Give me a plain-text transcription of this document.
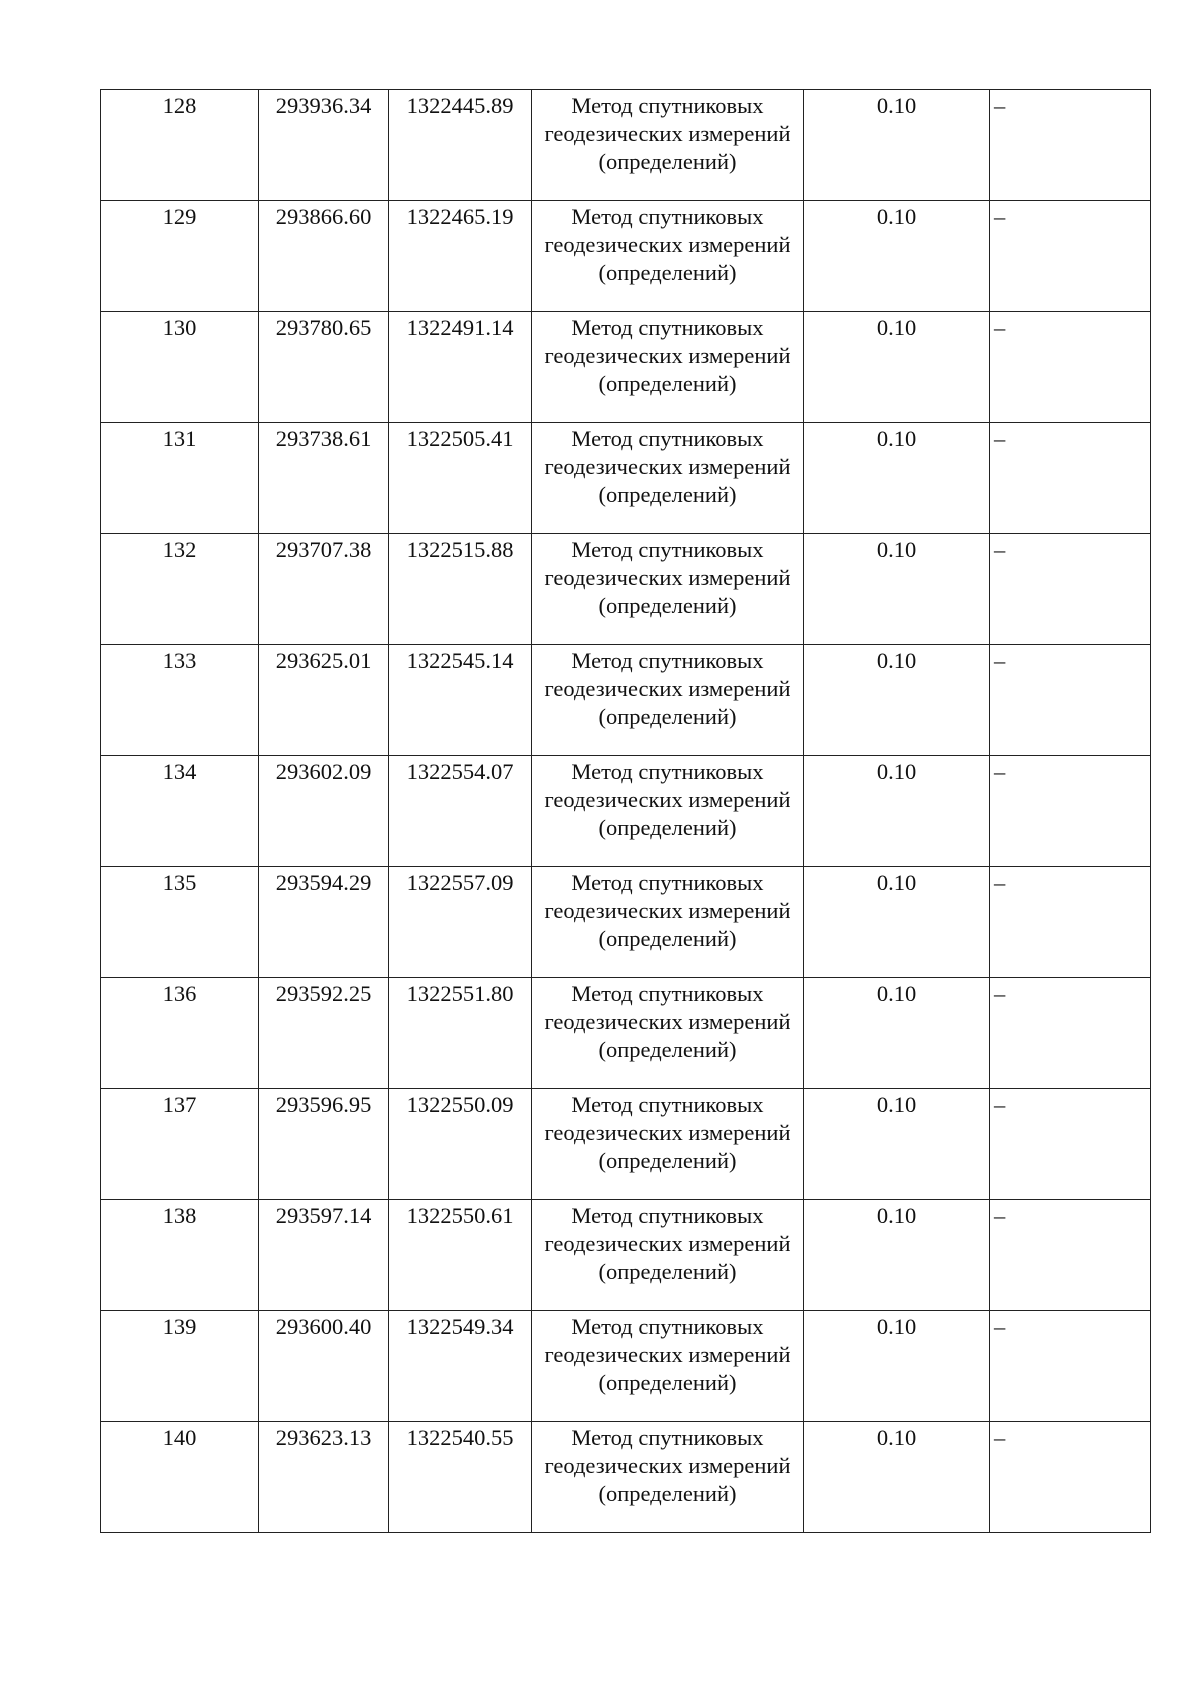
128	293936.34	1322445.89	Метод спутниковых геодезических измерений (определений)	0.10	–
129	293866.60	1322465.19	Метод спутниковых геодезических измерений (определений)	0.10	–
130	293780.65	1322491.14	Метод спутниковых геодезических измерений (определений)	0.10	–
131	293738.61	1322505.41	Метод спутниковых геодезических измерений (определений)	0.10	–
132	293707.38	1322515.88	Метод спутниковых геодезических измерений (определений)	0.10	–
133	293625.01	1322545.14	Метод спутниковых геодезических измерений (определений)	0.10	–
134	293602.09	1322554.07	Метод спутниковых геодезических измерений (определений)	0.10	–
135	293594.29	1322557.09	Метод спутниковых геодезических измерений (определений)	0.10	–
136	293592.25	1322551.80	Метод спутниковых геодезических измерений (определений)	0.10	–
137	293596.95	1322550.09	Метод спутниковых геодезических измерений (определений)	0.10	–
138	293597.14	1322550.61	Метод спутниковых геодезических измерений (определений)	0.10	–
139	293600.40	1322549.34	Метод спутниковых геодезических измерений (определений)	0.10	–
140	293623.13	1322540.55	Метод спутниковых геодезических измерений (определений)	0.10	–
